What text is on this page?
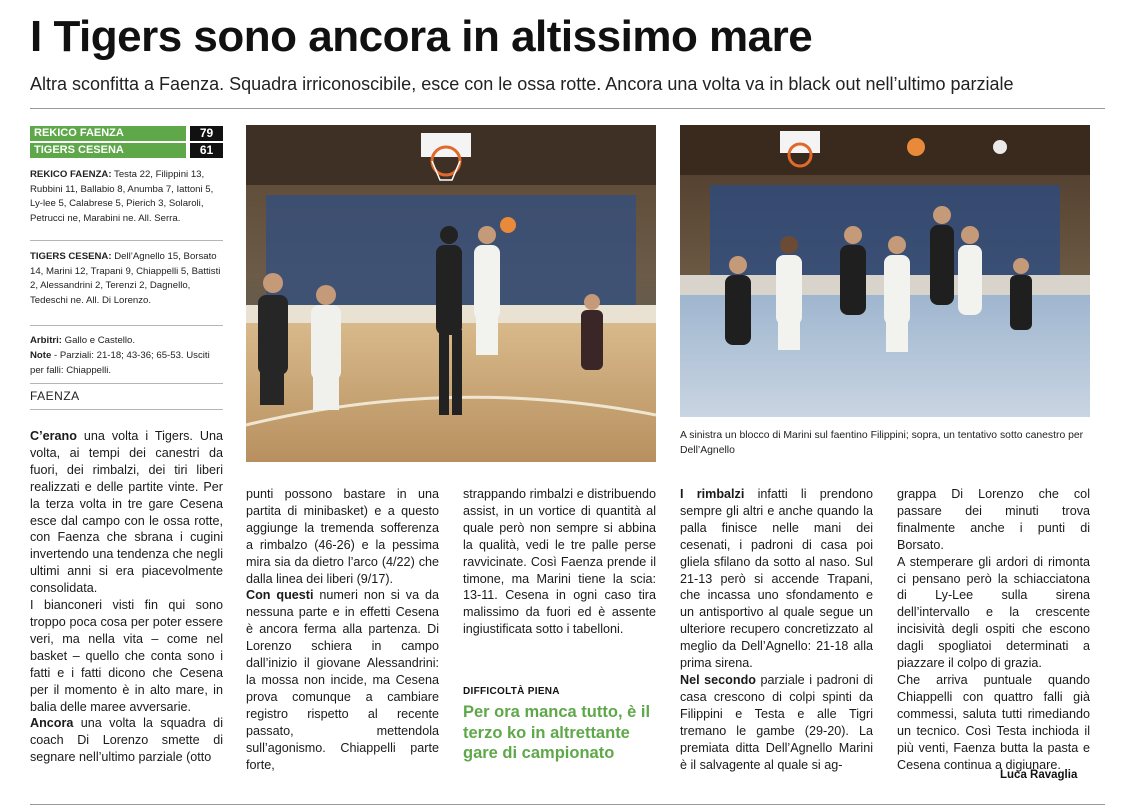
I Tigers sono ancora in altissimo mare
Altra sconfitta a Faenza. Squadra irriconoscibile, esce con le ossa rotte. Ancora una volta va in black out nell’ultimo parziale
REKICO FAENZA	79
TIGERS CESENA	61

REKICO FAENZA: Testa 22, Filippini 13, Rubbini 11, Ballabio 8, Anumba 7, Iattoni 5, Ly-lee 5, Calabrese 5, Pierich 3, Solaroli, Petrucci ne, Marabini ne. All. Serra.

TIGERS CESENA: Dell’Agnello 15, Borsato 14, Marini 12, Trapani 9, Chiappelli 5, Battisti 2, Alessandrini 2, Terenzi 2, Dagnello, Tedeschi ne. All. Di Lorenzo.

Arbitri: Gallo e Castello.

Note - Parziali: 21-18; 43-36; 65-53. Usciti per falli: Chiappelli.

FAENZA

A sinistra un blocco di Marini sul faentino Filippini; sopra, un tentativo sotto canestro per Dell’Agnello

C’erano una volta i Tigers. Una volta, ai tempi dei canestri da fuori, dei rimbalzi, dei tiri liberi realizzati e delle partite vinte. Per la terza volta in tre gare Cesena esce dal campo con le ossa rotte, con Faenza che sbrana i cugini invertendo una tendenza che negli ultimi anni si era piacevolmente consolidata.

I bianconeri visti fin qui sono troppo poca cosa per poter essere veri, ma nella vita – come nel basket – quello che conta sono i fatti e i fatti dicono che Cesena per il momento è in alto mare, in balia delle maree avversarie.

Ancora una volta la squadra di coach Di Lorenzo smette di segnare nell’ultimo parziale (otto

punti possono bastare in una partita di minibasket) e a questo aggiunge la tremenda sofferenza a rimbalzo (46-26) e la pessima mira sia da dietro l’arco (4/22) che dalla linea dei liberi (9/17).

Con questi numeri non si va da nessuna parte e in effetti Cesena è ancora ferma alla partenza. Di Lorenzo schiera in campo dall’inizio il giovane Alessandrini: la mossa non incide, ma Cesena prova comunque a cambiare registro rispetto al recente passato, mettendola sull’agonismo. Chiappelli parte forte,

strappando rimbalzi e distribuendo assist, in un vortice di quantità al quale però non sempre si abbina la qualità, vedi le tre palle perse ravvicinate. Così Faenza prende il timone, ma Marini tiene la scia: 13-11. Cesena in ogni caso tira malissimo da fuori ed è assente ingiustificata sotto i tabelloni.

DIFFICOLTÀ PIENA

Per ora manca tutto, è il terzo ko in altrettante gare di campionato

I rimbalzi infatti li prendono sempre gli altri e anche quando la palla finisce nelle mani dei cesenati, i padroni di casa poi gliela sfilano da sotto al naso. Sul 21-13 però si accende Trapani, che incassa uno sfondamento e un antisportivo al quale segue un ulteriore recupero concretizzato al meglio da Dell’Agnello: 21-18 alla prima sirena.

Nel secondo parziale i padroni di casa crescono di colpi spinti da Filippini e Testa e alle Tigri tremano le gambe (29-20). La premiata ditta Dell’Agnello Marini è il salvagente al quale si ag-

grappa Di Lorenzo che col passare dei minuti trova finalmente anche i punti di Borsato.

A stemperare gli ardori di rimonta ci pensano però la schiacciatona di Ly-Lee sulla sirena dell’intervallo e la crescente incisività degli ospiti che escono dagli spogliatoi determinati a piazzare il colpo di grazia.

Che arriva puntuale quando Chiappelli con quattro falli già commessi, saluta tutti rimediando un tecnico. Così Testa inchioda il più venti, Faenza butta la pasta e Cesena continua a digiunare.

Luca Ravaglia
